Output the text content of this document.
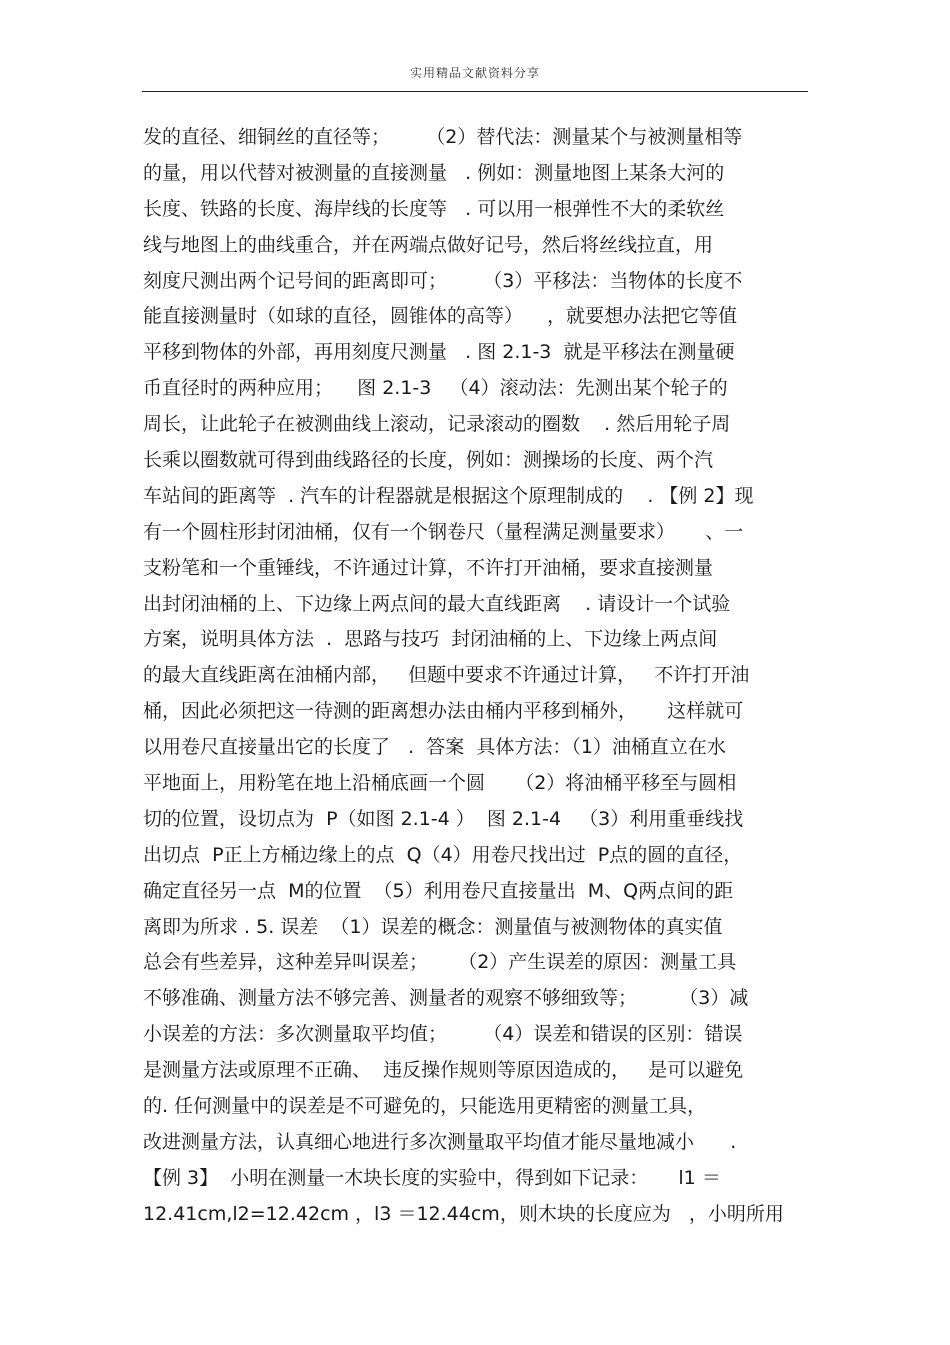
实用精品文献资料分享
发的直径、细铜丝的直径等；      （2）替代法：测量某个与被测量相等
的量，用以代替对被测量的直接测量   . 例如：测量地图上某条大河的
长度、铁路的长度、海岸线的长度等   . 可以用一根弹性不大的柔软丝
线与地图上的曲线重合，并在两端点做好记号，然后将丝线拉直，用
刻度尺测出两个记号间的距离即可；      （3）平移法：当物体的长度不
能直接测量时（如球的直径，圆锥体的高等）    ，就要想办法把它等值
平移到物体的外部，再用刻度尺测量   . 图 2.1-3  就是平移法在测量硬
币直径时的两种应用；    图 2.1-3   （4）滚动法：先测出某个轮子的
周长，让此轮子在被测曲线上滚动，记录滚动的圈数    . 然后用轮子周
长乘以圈数就可得到曲线路径的长度，例如：测操场的长度、两个汽
车站间的距离等  . 汽车的计程器就是根据这个原理制成的    . 【例 2】现
有一个圆柱形封闭油桶，仅有一个钢卷尺（量程满足测量要求）     、一
支粉笔和一个重锤线，不许通过计算，不许打开油桶，要求直接测量
出封闭油桶的上、下边缘上两点间的最大直线距离    . 请设计一个试验
方案，说明具体方法  .  思路与技巧  封闭油桶的上、下边缘上两点间
的最大直线距离在油桶内部，   但题中要求不许通过计算，   不许打开油
桶，因此必须把这一待测的距离想办法由桶内平移到桶外，     这样就可
以用卷尺直接量出它的长度了   .  答案  具体方法：（1）油桶直立在水
平地面上，用粉笔在地上沿桶底画一个圆     （2）将油桶平移至与圆相
切的位置，设切点为  P（如图 2.1-4 ）  图 2.1-4   （3）利用重垂线找
出切点  P正上方桶边缘上的点  Q（4）用卷尺找出过  P点的圆的直径，
确定直径另一点  M的位置  （5）利用卷尺直接量出  M、Q两点间的距
离即为所求 . 5. 误差  （1）误差的概念：测量值与被测物体的真实值
总会有些差异，这种差异叫误差；     （2）产生误差的原因：测量工具
不够准确、测量方法不够完善、测量者的观察不够细致等；       （3）减
小误差的方法：多次测量取平均值；      （4）误差和错误的区别：错误
是测量方法或原理不正确、  违反操作规则等原因造成的，   是可以避免
的. 任何测量中的误差是不可避免的，只能选用更精密的测量工具，
改进测量方法，认真细心地进行多次测量取平均值才能尽量地减小      .
【例 3】  小明在测量一木块长度的实验中，得到如下记录：     l1 ＝
12.41cm,l2=12.42cm ，l3 ＝12.44cm，则木块的长度应为   ，小明所用
